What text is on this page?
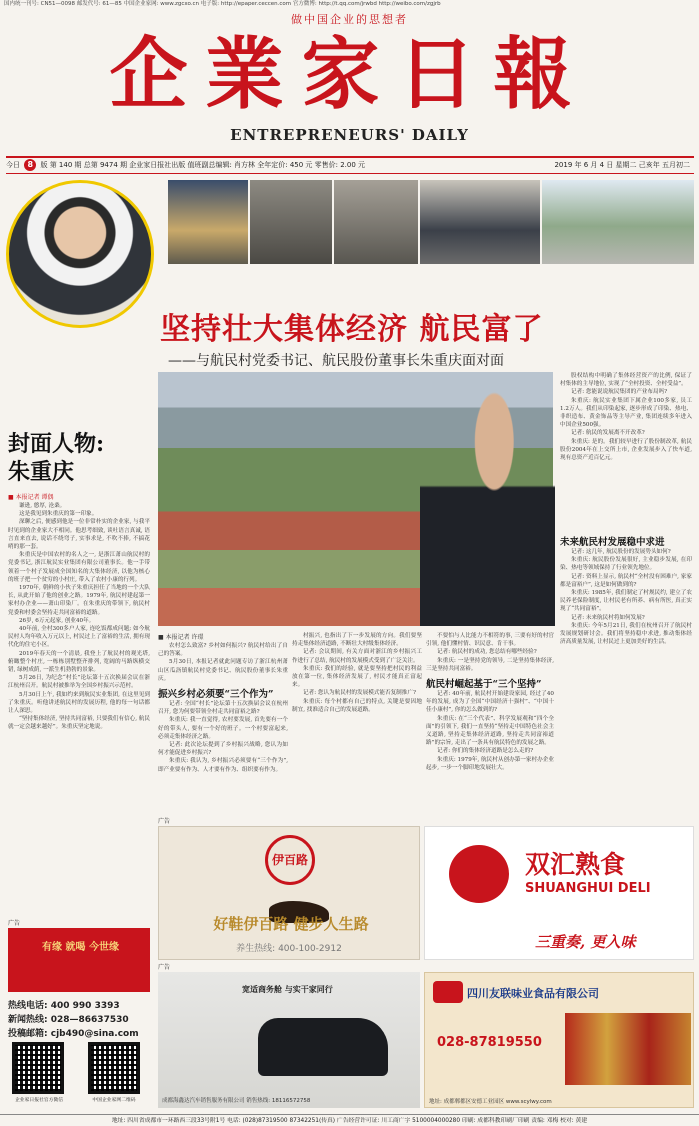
国内统一刊号: CN51—0098 邮发代号: 61—85 中国企业家网: www.zgcxo.cn 电子版: http://epaper.ceccen.com 官方微博: http://t.qq.com/jrwbd http://weibo.com/zgjrb
做中国企业的思想者
企業家日報
ENTREPRENEURS' DAILY
今日 8 版 第 140 期 总第 9474 期 企业家日报社出版 值班副总编辑: 肖方林 全年定价: 450 元 零售价: 2.00 元	2019 年 6 月 4 日 星期二 己亥年 五月初二
坚持壮大集体经济 航民富了
——与航民村党委书记、航民股份董事长朱重庆面对面
封面人物:
朱重庆
■ 本报记者 谭偶

谦逊, 憨厚, 沧桑。

这是我见到朱重庆的第一印象。

深聊之后, 便感到他是一位非常朴实的企业家, 与我平时见到的企业家大不相同。他思考细致, 谈吐语言真诚, 语言直来直去, 说话不绕弯子, 实事求是, 不吹不捧, 不搞花哨的那一套。

朱重庆是中国农村的名人之一, 是浙江萧山航民村的党委书记, 浙江航民实业集团有限公司董事长。他一手带领着一个村子发展成全国知名的大集体经济, 以他为核心的班子把一个贫穷的小村庄, 带入了农村小康的行列。

1970年, 朝鲜的小伙子朱重庆担任了当地的一个大队长, 从此开始了他的创业之路。1979年, 航民村建起第一家村办企业——萧山印染厂。在朱重庆的带领下, 航民村党委和村委会坚持走共同富裕的道路。

26岁, 6万元起家, 创业40年。

40年前, 全村300多户人家, 连吃饭都成问题; 如今航民村人均年收入万元以上, 村民过上了富裕的生活, 拥有现代化的住宅小区。

2019年春天的一个清晨, 我登上了航民村的观光塔, 俯瞰整个村庄, 一栋栋别墅整齐排列, 宽阔的马路纵横交错, 绿树成荫, 一派生机勃勃的景象。

5月26日, 为纪念“村长”论坛第十五次换届会议在浙江杭州召开。航民村被推举为全国乡村振兴示范村。

5月30日上午, 我如约来到航民实业集团, 在这里见到了朱重庆。听他讲述航民村的发展历程, 他的每一句话都让人深思。

“坚持集体经济, 坚持共同富裕, 只要我们有信心, 航民就一定会越来越好”。朱重庆坚定地说。

■ 本报记者 许璟

农村怎么致富? 乡村如何振兴? 航民村给出了自己的答案。

5月30日, 本报记者就此问题专访了浙江杭州萧山区瓜沥镇航民村党委书记、航民股份董事长朱重庆。

振兴乡村必须要“三个作为”

记者: 全国“村长”论坛第十五次换届会议在杭州召开, 您为何要带领全村走共同富裕之路?

朱重庆: 我一直觉得, 农村要发展, 首先要有一个好的带头人, 要有一个好的班子。一个村要富起来, 必须走集体经济之路。

记者: 此次论坛提到了乡村振兴战略, 您认为如何才能促进乡村振兴?

朱重庆: 我认为, 乡村振兴必须要有“三个作为”, 即产业要有作为、人才要有作为、组织要有作为。

村振兴, 也指出了下一步发展的方向。我们要坚持走集体经济道路, 不断壮大村级集体经济。

记者: 会议期间, 有关方面对浙江的乡村振兴工作进行了总结, 航民村的发展模式受到了广泛关注。

朱重庆: 我们的经验, 就是要坚持把村民的利益放在第一位, 集体经济发展了, 村民才能真正富起来。

记者: 您认为航民村的发展模式能否复制推广?

朱重庆: 每个村都有自己的特点, 关键是要因地制宜, 找准适合自己的发展道路。

不要怕与人比能力不相符的事, 三要有好的村官引领, 他们懂村情、识民意、肯干事。

记者: 航民村的成功, 您总结有哪些经验?

朱重庆: 一是坚持党的领导, 二是坚持集体经济, 三是坚持共同富裕。

航民村崛起基于“三个坚持”

记者: 40年前, 航民村开始建设家园, 经过了40年的发展, 成为了全国“中国经济十强村”、“中国十佳小康村”, 你的怎么做到的?

朱重庆: 在“三个代表”、科学发展观和“四个全面”的引领下, 我们一直坚持“坚持走中国特色社会主义道路, 坚持走集体经济道路, 坚持走共同富裕道路”的宗旨, 走出了一条具有航民特色的发展之路。

记者: 你们的集体经济道路是怎么走的?

朱重庆: 1979年, 航民村从创办第一家村办企业起步, 一步一个脚印地发展壮大。

股权结构中明确了集体经营资产的比例, 保证了村集体的主导地位, 实现了“全村投资、全村受益”。

记者: 您能说说航民集团的产业布局吗?

朱重庆: 航民实业集团下属企业100多家, 员工1.2万人。我们从印染起家, 逐步形成了印染、热电、非织造布、黄金饰品等主导产业, 集团连续多年进入中国企业500强。

记者: 航民的发展离不开改革?

朱重庆: 是的。我们较早进行了股份制改革, 航民股份2004年在上交所上市, 企业发展步入了快车道, 现有总资产近百亿元。

未来航民村发展稳中求进

记者: 这几年, 航民股份的发展势头如何?

朱重庆: 航民股份发展很好, 主业稳步发展, 在印染、热电等领域保持了行业领先地位。

记者: 资料上显示, 航民村“全村没有困难户, 家家都是富裕户”, 这是如何做到的?

朱重庆: 1985年, 我们制定了村规民约, 建立了农民养老保险制度, 让村民老有所养、病有所医, 真正实现了“共同富裕”。

记者: 未来航民村将如何发展?

朱重庆: 今年5月21日, 我们在杭州召开了航民村发展规划研讨会。我们将坚持稳中求进, 推动集体经济高质量发展, 让村民过上更加美好的生活。

广告
伊百路
好鞋伊百路 健步人生路
养生热线: 400-100-2912
双汇熟食
SHUANGHUI DELI
三重奏, 更入味
广告
有缘 就喝 今世缘
热线电话: 400 990 3393
新闻热线: 028—86637530
投稿邮箱: cjb490@sina.com
企业家日报社官方微信	中国企业家网二维码
广告
宽适商务舱 与实干家同行
成都海鑫达汽车销售服务有限公司 销售热线: 18116572758
四川友联味业食品有限公司
028-87819550
地址: 成都郫都区安德工业园区 www.scylwy.com
地址: 四川省成都市一环路西三段33号附1号 电话: (028)87319500 87342251(传真) 广告经营许可证: 川工商广字 5100004000280 印刷: 成都科教印刷厂印刷 责编: 邓梅 校对: 黄建
